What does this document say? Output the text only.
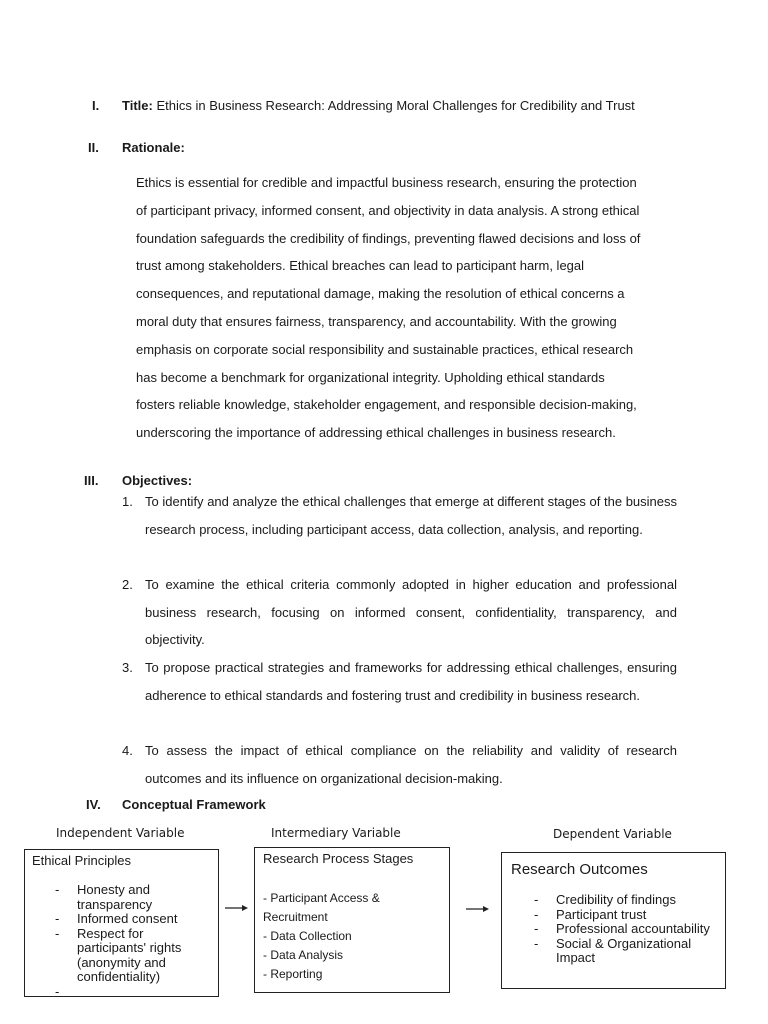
I. Title: Ethics in Business Research: Addressing Moral Challenges for Credibility and Trust
II. Rationale:
Ethics is essential for credible and impactful business research, ensuring the protection
of participant privacy, informed consent, and objectivity in data analysis. A strong ethical
foundation safeguards the credibility of findings, preventing flawed decisions and loss of
trust among stakeholders. Ethical breaches can lead to participant harm, legal
consequences, and reputational damage, making the resolution of ethical concerns a
moral duty that ensures fairness, transparency, and accountability. With the growing
emphasis on corporate social responsibility and sustainable practices, ethical research
has become a benchmark for organizational integrity. Upholding ethical standards
fosters reliable knowledge, stakeholder engagement, and responsible decision-making,
underscoring the importance of addressing ethical challenges in business research.
III. Objectives:
1. To identify and analyze the ethical challenges that emerge at different stages of the business research process, including participant access, data collection, analysis, and reporting.
2. To examine the ethical criteria commonly adopted in higher education and professional business research, focusing on informed consent, confidentiality, transparency, and objectivity.
3. To propose practical strategies and frameworks for addressing ethical challenges, ensuring adherence to ethical standards and fostering trust and credibility in business research.
4. To assess the impact of ethical compliance on the reliability and validity of research outcomes and its influence on organizational decision-making.
IV. Conceptual Framework
Independent Variable	Intermediary Variable	Dependent Variable
Ethical Principles
- Honesty and transparency
- Informed consent
- Respect for participants' rights (anonymity and confidentiality)
-
Research Process Stages
- Participant Access & Recruitment
- Data Collection
- Data Analysis
- Reporting
Research Outcomes
- Credibility of findings
- Participant trust
- Professional accountability
- Social & Organizational Impact
